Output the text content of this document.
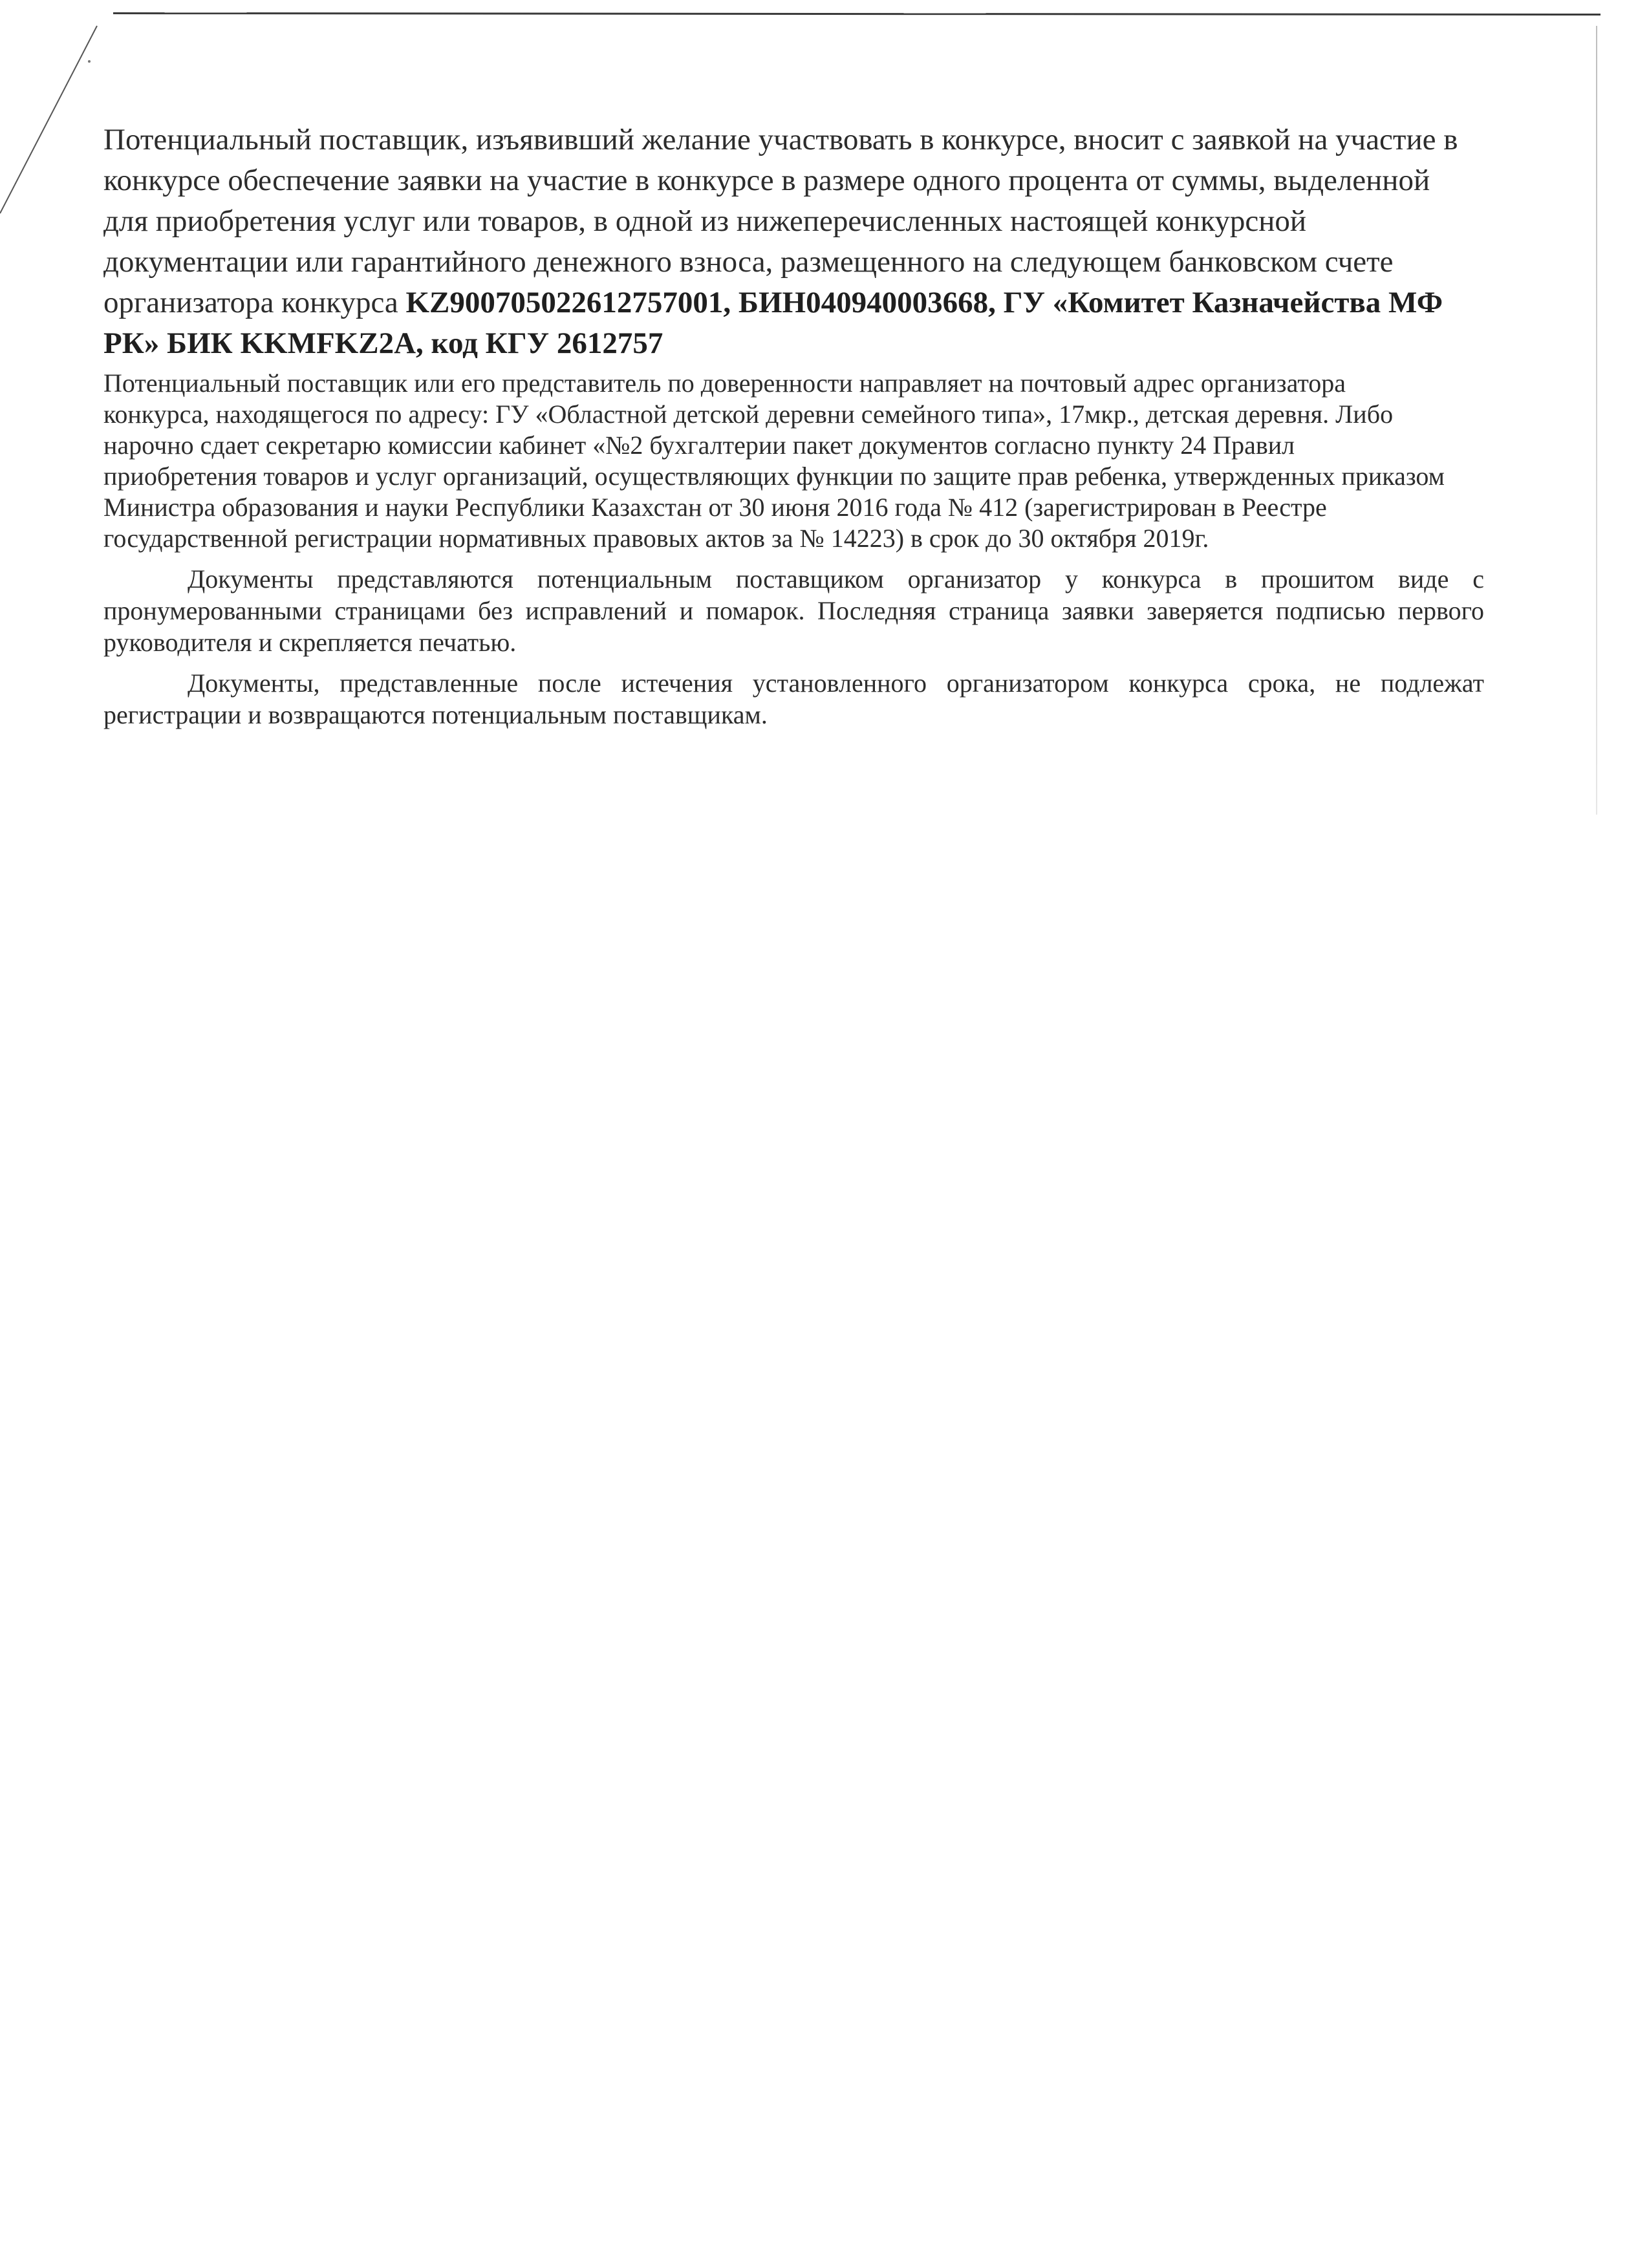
Потенциальный поставщик, изъявивший желание участвовать в конкурсе, вносит с заявкой на участие в конкурсе обеспечение заявки на участие в конкурсе в размере одного процента от суммы, выделенной для приобретения услуг или товаров, в одной из нижеперечисленных настоящей конкурсной документации или гарантийного денежного взноса, размещенного на следующем банковском счете организатора конкурса KZ900705022612757001, БИН040940003668, ГУ «Комитет Казначейства МФ РК» БИК KKMFKZ2A, код КГУ 2612757

Потенциальный поставщик или его представитель по доверенности направляет на почтовый адрес организатора конкурса, находящегося по адресу: ГУ «Областной детской деревни семейного типа», 17мкр., детская деревня. Либо нарочно сдает секретарю комиссии кабинет «№2 бухгалтерии пакет документов согласно пункту 24 Правил приобретения товаров и услуг организаций, осуществляющих функции по защите прав ребенка, утвержденных приказом Министра образования и науки Республики Казахстан от 30 июня 2016 года № 412 (зарегистрирован в Реестре государственной регистрации нормативных правовых актов за № 14223) в срок до 30 октября 2019г.

Документы представляются потенциальным поставщиком организатор у конкурса в прошитом виде с пронумерованными страницами без исправлений и помарок. Последняя страница заявки заверяется подписью первого руководителя и скрепляется печатью.

Документы, представленные после истечения установленного организатором конкурса срока, не подлежат регистрации и возвращаются потенциальным поставщикам.
